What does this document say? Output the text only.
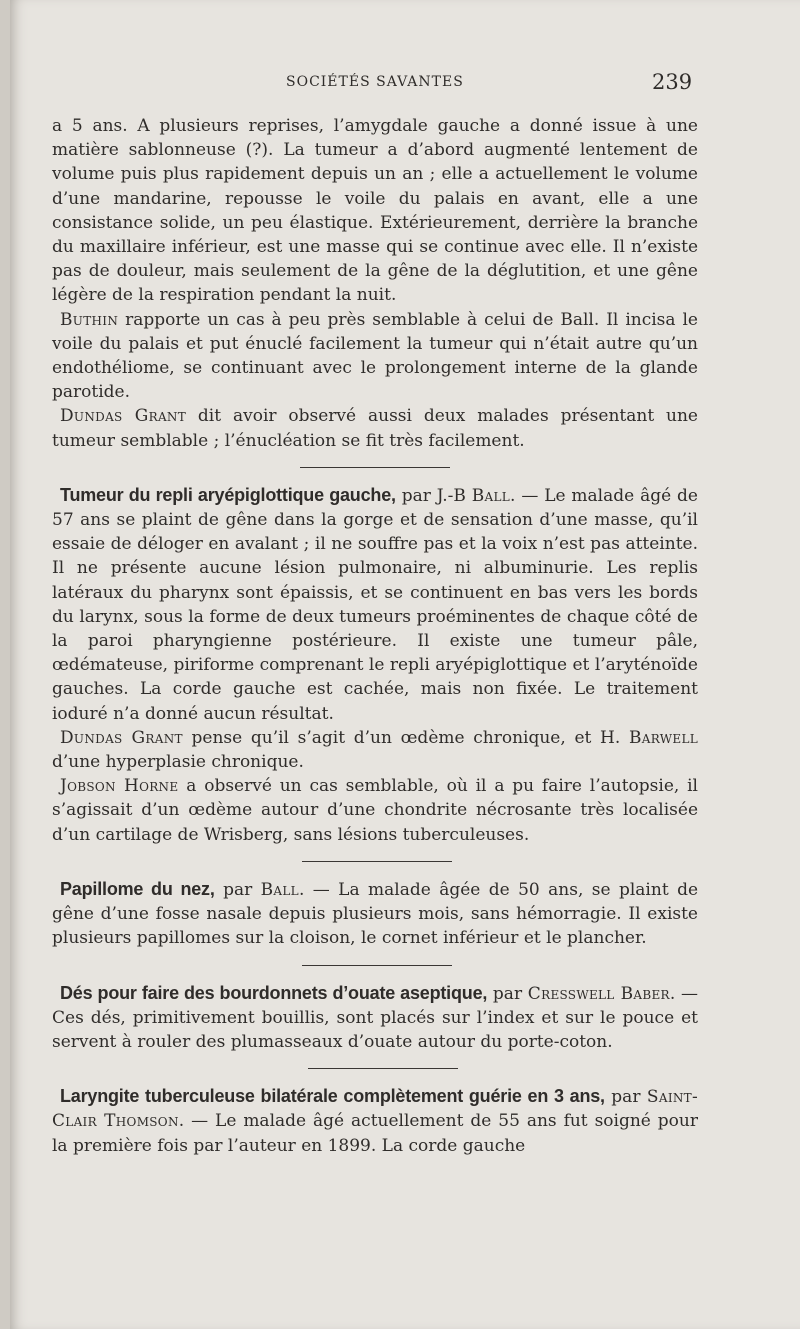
SOCIÉTÉS SAVANTES	239

a 5 ans. A plusieurs reprises, l’amygdale gauche a donné issue à une matière sablonneuse (?). La tumeur a d’abord augmenté lentement de volume puis plus rapidement depuis un an ; elle a actuellement le volume d’une mandarine, repousse le voile du palais en avant, elle a une consistance solide, un peu élastique. Extérieurement, derrière la branche du maxillaire inférieur, est une masse qui se continue avec elle. Il n’existe pas de douleur, mais seulement de la gêne de la déglutition, et une gêne légère de la respiration pendant la nuit.

Buthin rapporte un cas à peu près semblable à celui de Ball. Il incisa le voile du palais et put énuclé facilement la tumeur qui n’était autre qu’un endothéliome, se continuant avec le prolongement interne de la glande parotide.

Dundas Grant dit avoir observé aussi deux malades présentant une tumeur semblable ; l’énucléation se fit très facilement.

Tumeur du repli aryépiglottique gauche, par J.-B Ball. — Le malade âgé de 57 ans se plaint de gêne dans la gorge et de sensation d’une masse, qu’il essaie de déloger en avalant ; il ne souffre pas et la voix n’est pas atteinte. Il ne présente aucune lésion pulmonaire, ni albuminurie. Les replis latéraux du pharynx sont épaissis, et se continuent en bas vers les bords du larynx, sous la forme de deux tumeurs proéminentes de chaque côté de la paroi pharyngienne postérieure. Il existe une tumeur pâle, œdémateuse, piriforme comprenant le repli aryépiglottique et l’aryténoïde gauches. La corde gauche est cachée, mais non fixée. Le traitement ioduré n’a donné aucun résultat.

Dundas Grant pense qu’il s’agit d’un œdème chronique, et H. Barwell d’une hyperplasie chronique.

Jobson Horne a observé un cas semblable, où il a pu faire l’autopsie, il s’agissait d’un œdème autour d’une chondrite nécrosante très localisée d’un cartilage de Wrisberg, sans lésions tuberculeuses.

Papillome du nez, par Ball. — La malade âgée de 50 ans, se plaint de gêne d’une fosse nasale depuis plusieurs mois, sans hémorragie. Il existe plusieurs papillomes sur la cloison, le cornet inférieur et le plancher.

Dés pour faire des bourdonnets d’ouate aseptique, par Cresswell Baber. — Ces dés, primitivement bouillis, sont placés sur l’index et sur le pouce et servent à rouler des plumasseaux d’ouate autour du porte-coton.

Laryngite tuberculeuse bilatérale complètement guérie en 3 ans, par Saint-Clair Thomson. — Le malade âgé actuellement de 55 ans fut soigné pour la première fois par l’auteur en 1899. La corde gauche
